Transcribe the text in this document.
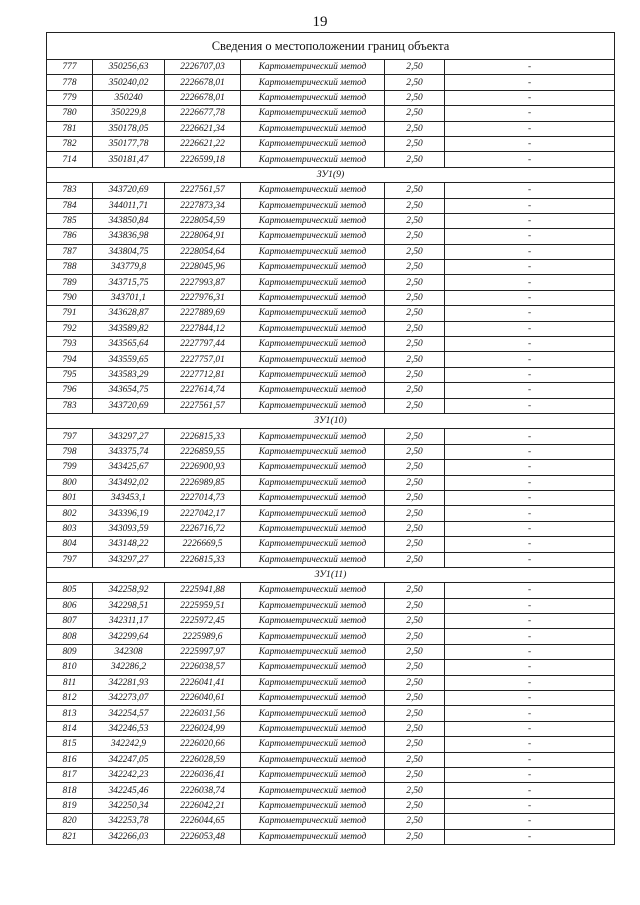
19
Сведения о местоположении границ объекта					
777	350256,63	2226707,03	Картометрический метод	2,50	-
778	350240,02	2226678,01	Картометрический метод	2,50	-
779	350240	2226678,01	Картометрический метод	2,50	-
780	350229,8	2226677,78	Картометрический метод	2,50	-
781	350178,05	2226621,34	Картометрический метод	2,50	-
782	350177,78	2226621,22	Картометрический метод	2,50	-
714	350181,47	2226599,18	Картометрический метод	2,50	-
ЗУ1(9)					
783	343720,69	2227561,57	Картометрический метод	2,50	-
784	344011,71	2227873,34	Картометрический метод	2,50	-
785	343850,84	2228054,59	Картометрический метод	2,50	-
786	343836,98	2228064,91	Картометрический метод	2,50	-
787	343804,75	2228054,64	Картометрический метод	2,50	-
788	343779,8	2228045,96	Картометрический метод	2,50	-
789	343715,75	2227993,87	Картометрический метод	2,50	-
790	343701,1	2227976,31	Картометрический метод	2,50	-
791	343628,87	2227889,69	Картометрический метод	2,50	-
792	343589,82	2227844,12	Картометрический метод	2,50	-
793	343565,64	2227797,44	Картометрический метод	2,50	-
794	343559,65	2227757,01	Картометрический метод	2,50	-
795	343583,29	2227712,81	Картометрический метод	2,50	-
796	343654,75	2227614,74	Картометрический метод	2,50	-
783	343720,69	2227561,57	Картометрический метод	2,50	-
ЗУ1(10)					
797	343297,27	2226815,33	Картометрический метод	2,50	-
798	343375,74	2226859,55	Картометрический метод	2,50	-
799	343425,67	2226900,93	Картометрический метод	2,50	-
800	343492,02	2226989,85	Картометрический метод	2,50	-
801	343453,1	2227014,73	Картометрический метод	2,50	-
802	343396,19	2227042,17	Картометрический метод	2,50	-
803	343093,59	2226716,72	Картометрический метод	2,50	-
804	343148,22	2226669,5	Картометрический метод	2,50	-
797	343297,27	2226815,33	Картометрический метод	2,50	-
ЗУ1(11)					
805	342258,92	2225941,88	Картометрический метод	2,50	-
806	342298,51	2225959,51	Картометрический метод	2,50	-
807	342311,17	2225972,45	Картометрический метод	2,50	-
808	342299,64	2225989,6	Картометрический метод	2,50	-
809	342308	2225997,97	Картометрический метод	2,50	-
810	342286,2	2226038,57	Картометрический метод	2,50	-
811	342281,93	2226041,41	Картометрический метод	2,50	-
812	342273,07	2226040,61	Картометрический метод	2,50	-
813	342254,57	2226031,56	Картометрический метод	2,50	-
814	342246,53	2226024,99	Картометрический метод	2,50	-
815	342242,9	2226020,66	Картометрический метод	2,50	-
816	342247,05	2226028,59	Картометрический метод	2,50	-
817	342242,23	2226036,41	Картометрический метод	2,50	-
818	342245,46	2226038,74	Картометрический метод	2,50	-
819	342250,34	2226042,21	Картометрический метод	2,50	-
820	342253,78	2226044,65	Картометрический метод	2,50	-
821	342266,03	2226053,48	Картометрический метод	2,50	-
